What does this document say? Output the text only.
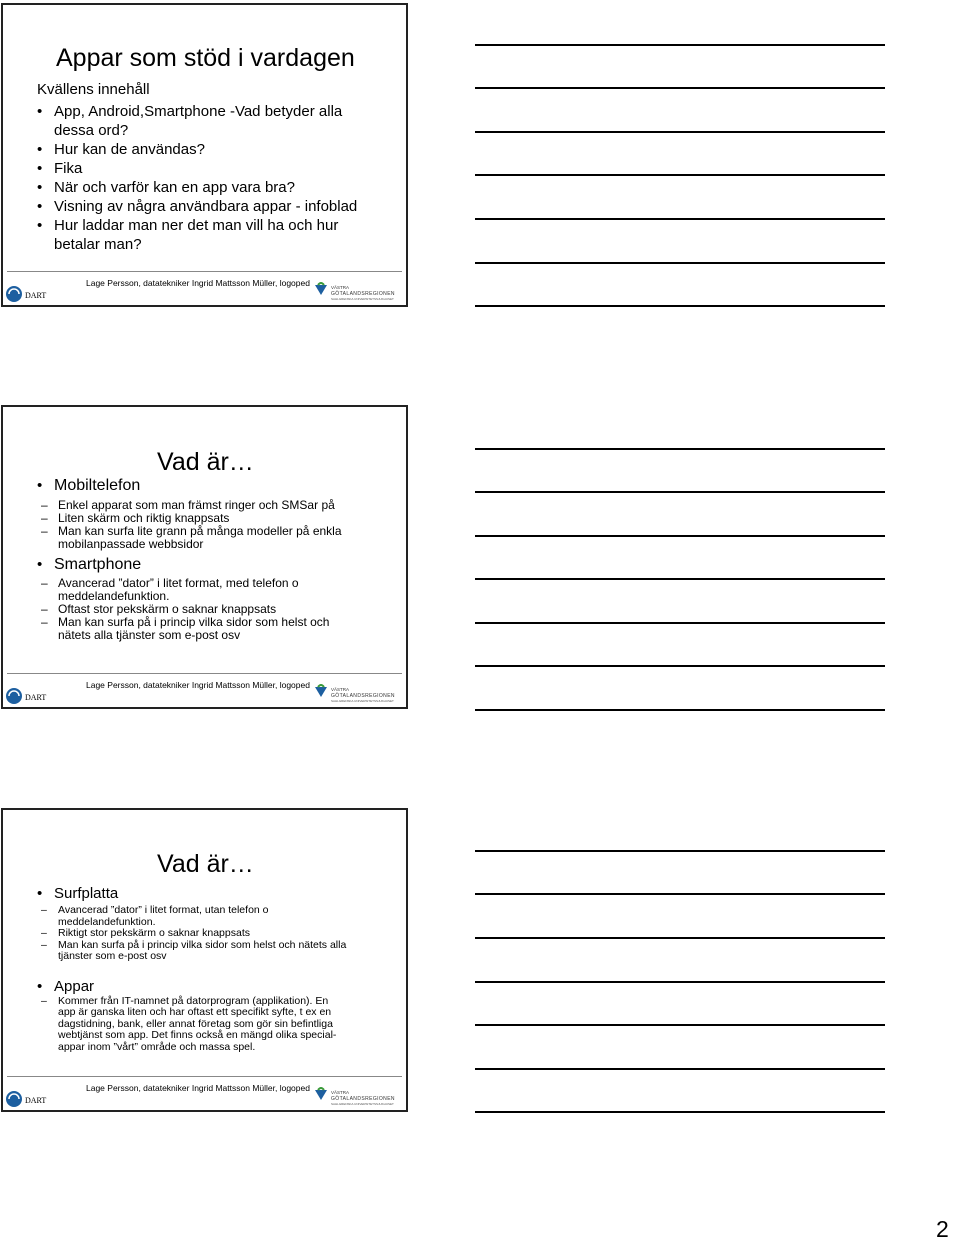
Appar som stöd i vardagen
Kvällens innehåll
• App, Android,Smartphone -Vad betyder alla dessa ord?
• Hur kan de användas?
• Fika
• När och varför kan en app vara bra?
• Visning av några användbara appar - infoblad
• Hur laddar man ner det man vill ha och hur betalar man?
DART
Lage Persson, datatekniker Ingrid Mattsson Müller, logoped	VÄSTRA
GÖTALANDSREGIONEN
SAHLGRENSKA UNIVERSITETSSJUKHUSET
Vad är…
• Mobiltelefon
– Enkel apparat som man främst ringer och SMSar på
– Liten skärm och riktig knappsats
– Man kan surfa lite grann på många modeller på enkla mobilanpassade webbsidor
• Smartphone
– Avancerad ”dator” i litet format, med telefon o meddelandefunktion.
– Oftast stor pekskärm o saknar knappsats
– Man kan surfa på i princip vilka sidor som helst och nätets alla tjänster som e-post osv
DART
Lage Persson, datatekniker Ingrid Mattsson Müller, logoped	VÄSTRA
GÖTALANDSREGIONEN
SAHLGRENSKA UNIVERSITETSSJUKHUSET
Vad är…
• Surfplatta
– Avancerad ”dator” i litet format, utan telefon o meddelandefunktion.
– Riktigt stor pekskärm o saknar knappsats
– Man kan surfa på i princip vilka sidor som helst och nätets alla tjänster som e-post osv
• Appar
– Kommer från IT-namnet på datorprogram (applikation). En app är ganska liten och har oftast ett specifikt syfte, t ex en dagstidning, bank, eller annat företag som gör sin befintliga webtjänst som app. Det finns också en mängd olika special-appar inom ”vårt” område och massa spel.
DART
Lage Persson, datatekniker Ingrid Mattsson Müller, logoped	VÄSTRA
GÖTALANDSREGIONEN
SAHLGRENSKA UNIVERSITETSSJUKHUSET
2
